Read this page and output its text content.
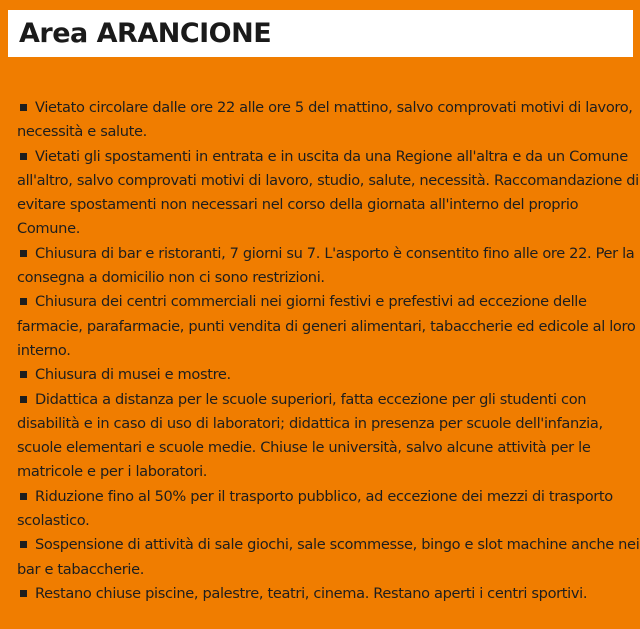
Area ARANCIONE
Vietato circolare dalle ore 22 alle ore 5 del mattino, salvo comprovati motivi di lavoro, necessità e salute.
Vietati gli spostamenti in entrata e in uscita da una Regione all'altra e da un Comune all'altro, salvo comprovati motivi di lavoro, studio, salute, necessità. Raccomandazione di evitare spostamenti non necessari nel corso della giornata all'interno del proprio Comune.
Chiusura di bar e ristoranti, 7 giorni su 7. L'asporto è consentito fino alle ore 22. Per la consegna a domicilio non ci sono restrizioni.
Chiusura dei centri commerciali nei giorni festivi e prefestivi ad eccezione delle farmacie, parafarmacie, punti vendita di generi alimentari, tabaccherie ed edicole al loro interno.
Chiusura di musei e mostre.
Didattica a distanza per le scuole superiori, fatta eccezione per gli studenti con disabilità e in caso di uso di laboratori; didattica in presenza per scuole dell'infanzia, scuole elementari e scuole medie. Chiuse le università, salvo alcune attività per le matricole e per i laboratori.
Riduzione fino al 50% per il trasporto pubblico, ad eccezione dei mezzi di trasporto scolastico.
Sospensione di attività di sale giochi, sale scommesse, bingo e slot machine anche nei bar e tabaccherie.
Restano chiuse piscine, palestre, teatri, cinema. Restano aperti i centri sportivi.
